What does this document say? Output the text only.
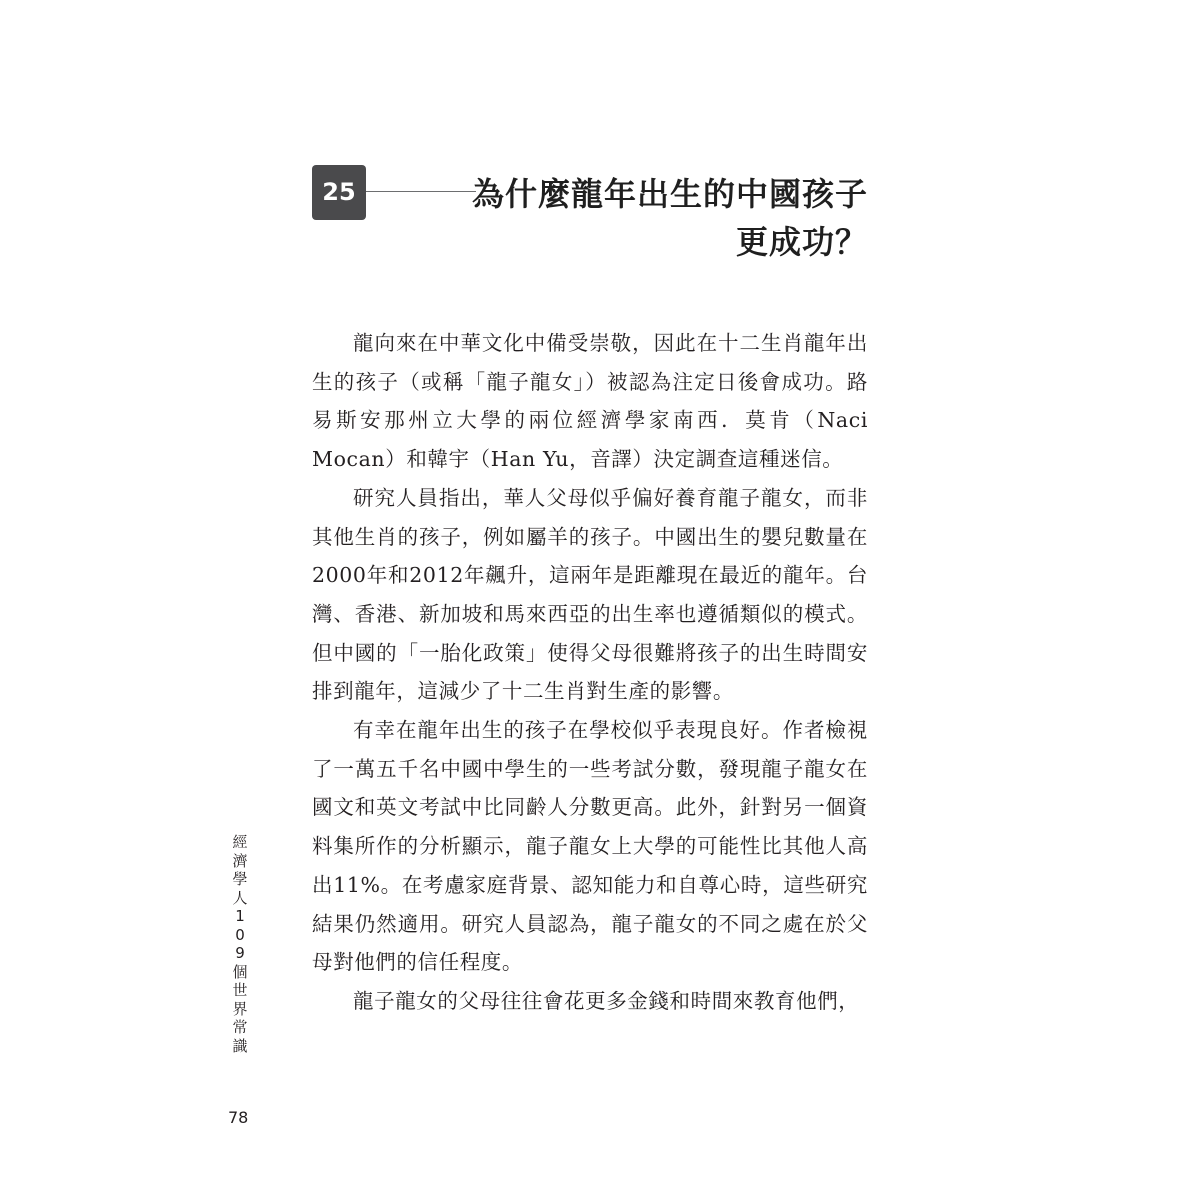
25	為什麼龍年出生的中國孩子
更成功？

龍向來在中華文化中備受崇敬，因此在十二生肖龍年出生的孩子（或稱「龍子龍女」）被認為注定日後會成功。路易斯安那州立大學的兩位經濟學家南西．莫肯（Naci Mocan）和韓宇（Han Yu，音譯）決定調查這種迷信。

研究人員指出，華人父母似乎偏好養育龍子龍女，而非其他生肖的孩子，例如屬羊的孩子。中國出生的嬰兒數量在2000年和2012年飆升，這兩年是距離現在最近的龍年。台灣、香港、新加坡和馬來西亞的出生率也遵循類似的模式。但中國的「一胎化政策」使得父母很難將孩子的出生時間安排到龍年，這減少了十二生肖對生產的影響。

有幸在龍年出生的孩子在學校似乎表現良好。作者檢視了一萬五千名中國中學生的一些考試分數，發現龍子龍女在國文和英文考試中比同齡人分數更高。此外，針對另一個資料集所作的分析顯示，龍子龍女上大學的可能性比其他人高出11%。在考慮家庭背景、認知能力和自尊心時，這些研究結果仍然適用。研究人員認為，龍子龍女的不同之處在於父母對他們的信任程度。

龍子龍女的父母往往會花更多金錢和時間來教育他們，

經
濟
學
人
1
0
9
個
世
界
常
識
78
